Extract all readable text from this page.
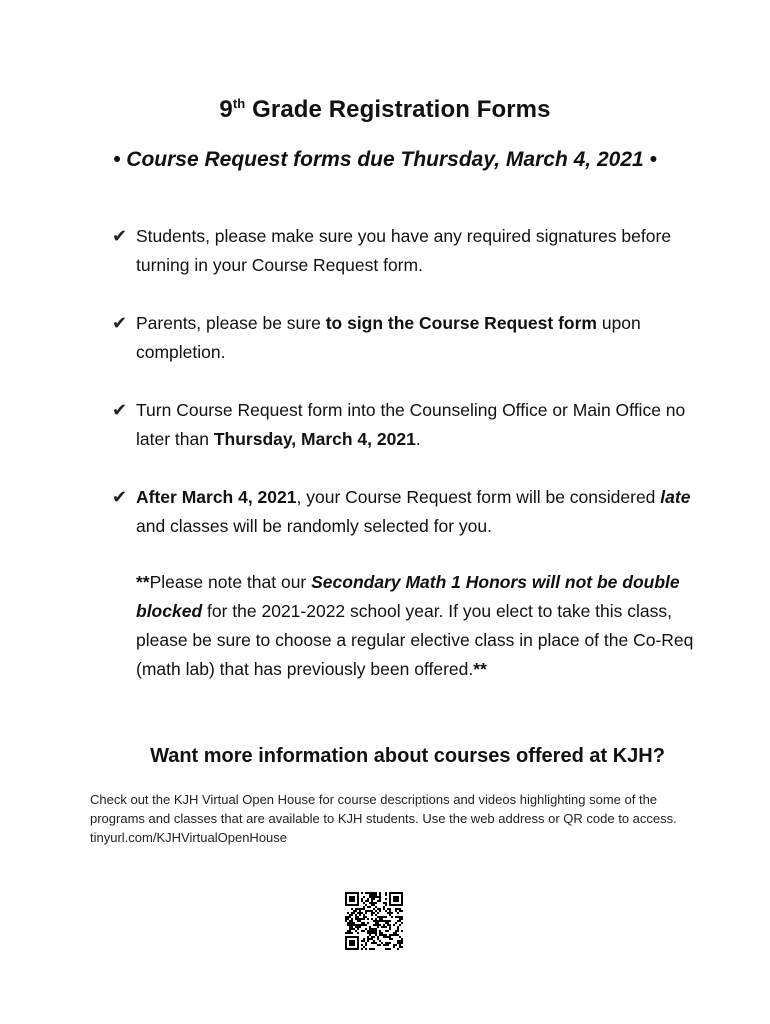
9th Grade Registration Forms
• Course Request forms due Thursday, March 4, 2021 •
✔ Students, please make sure you have any required signatures before turning in your Course Request form.
✔ Parents, please be sure to sign the Course Request form upon completion.
✔ Turn Course Request form into the Counseling Office or Main Office no later than Thursday, March 4, 2021.
✔ After March 4, 2021, your Course Request form will be considered late and classes will be randomly selected for you.
**Please note that our Secondary Math 1 Honors will not be double blocked for the 2021-2022 school year. If you elect to take this class, please be sure to choose a regular elective class in place of the Co-Req (math lab) that has previously been offered.**
Want more information about courses offered at KJH?
Check out the KJH Virtual Open House for course descriptions and videos highlighting some of the programs and classes that are available to KJH students. Use the web address or QR code to access. tinyurl.com/KJHVirtualOpenHouse
